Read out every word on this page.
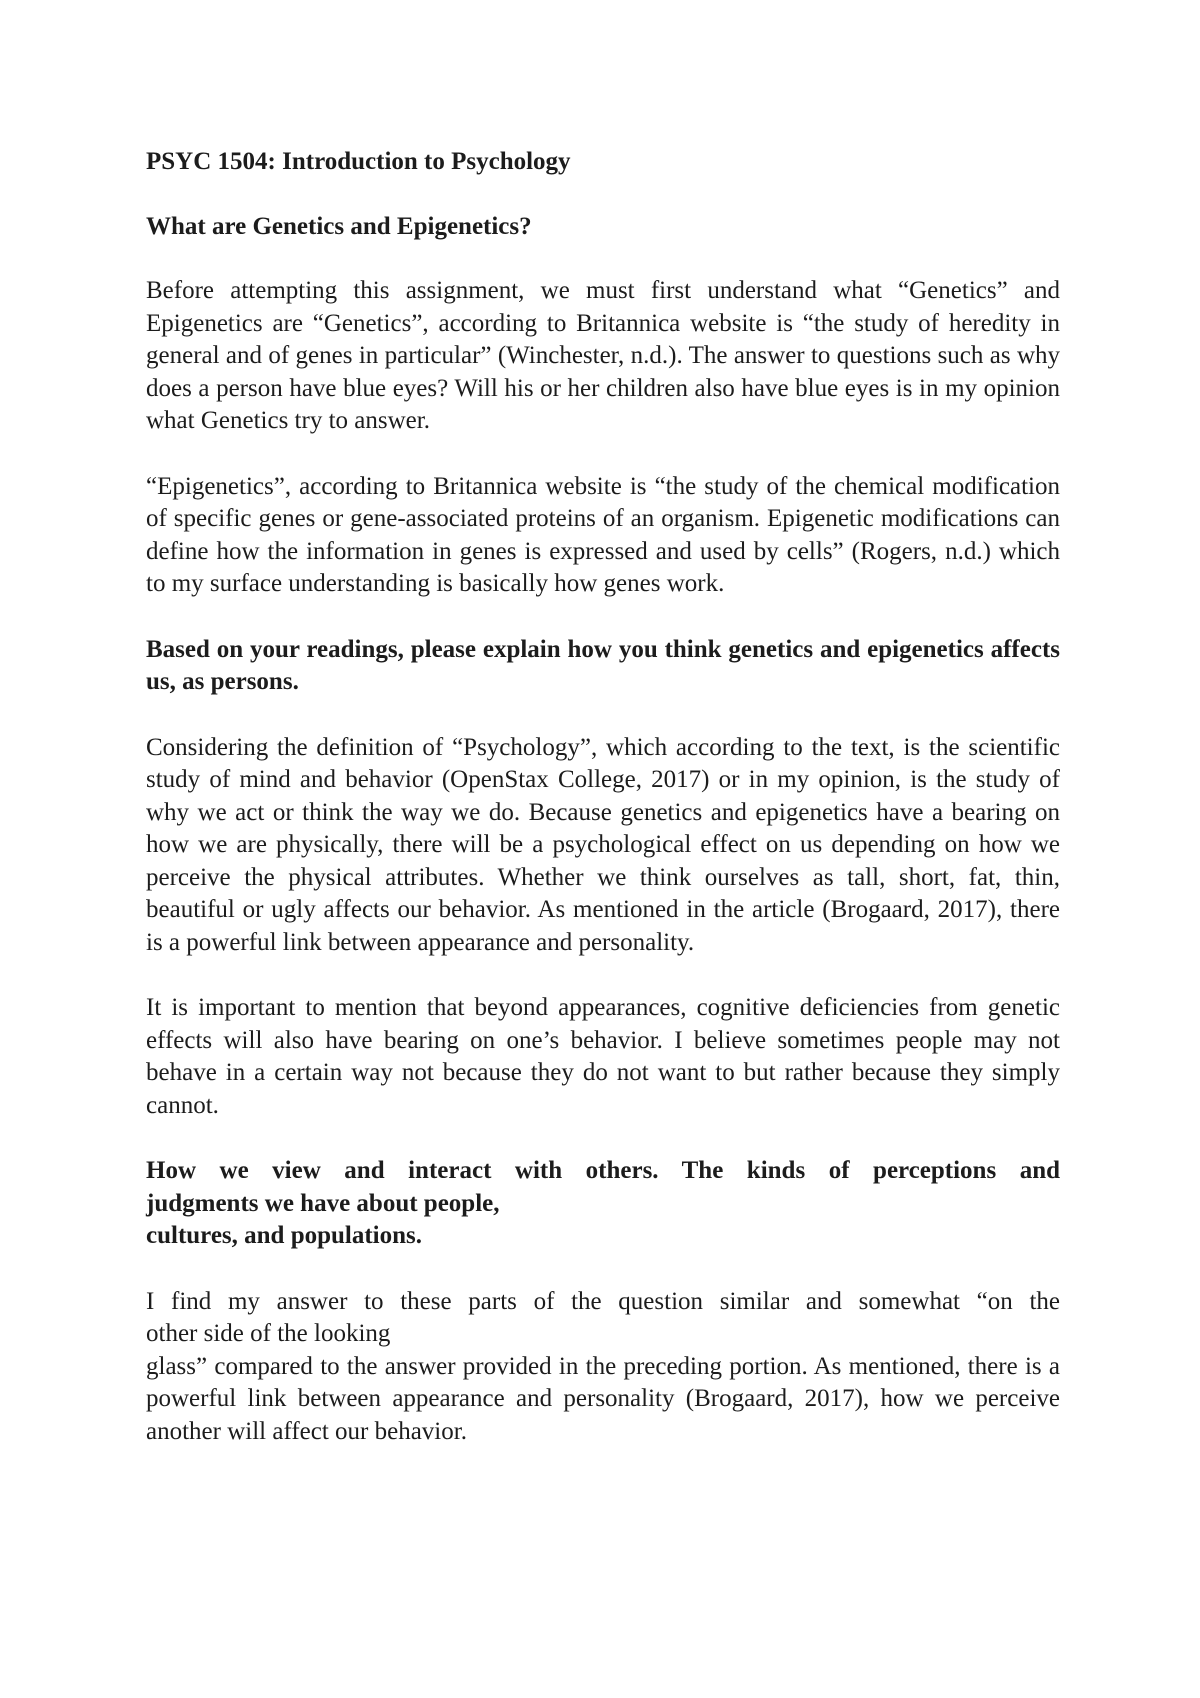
PSYC 1504: Introduction to Psychology

What are Genetics and Epigenetics?

Before attempting this assignment, we must first understand what “Genetics” and Epigenetics are “Genetics”, according to Britannica website is “the study of heredity in general and of genes in particular” (Winchester, n.d.). The answer to questions such as why does a person have blue eyes? Will his or her children also have blue eyes is in my opinion what Genetics try to answer.

“Epigenetics”, according to Britannica website is “the study of the chemical modification of specific genes or gene-associated proteins of an organism. Epigenetic modifications can define how the information in genes is expressed and used by cells” (Rogers, n.d.) which to my surface understanding is basically how genes work.

Based on your readings, please explain how you think genetics and epigenetics affects us, as persons.

Considering the definition of “Psychology”, which according to the text, is the scientific study of mind and behavior (OpenStax College, 2017) or in my opinion, is the study of why we act or think the way we do. Because genetics and epigenetics have a bearing on how we are physically, there will be a psychological effect on us depending on how we perceive the physical attributes. Whether we think ourselves as tall, short, fat, thin, beautiful or ugly affects our behavior. As mentioned in the article (Brogaard, 2017), there is a powerful link between appearance and personality.

It is important to mention that beyond appearances, cognitive deficiencies from genetic effects will also have bearing on one’s behavior. I believe sometimes people may not behave in a certain way not because they do not want to but rather because they simply cannot.

How we view and interact with others. The kinds of perceptions and
judgments we have about people,
cultures, and populations.

I find my answer to these parts of the question similar and somewhat “on the
other side of the looking
glass” compared to the answer provided in the preceding portion. As mentioned, there is a powerful link between appearance and personality (Brogaard, 2017), how we perceive another will affect our behavior.
